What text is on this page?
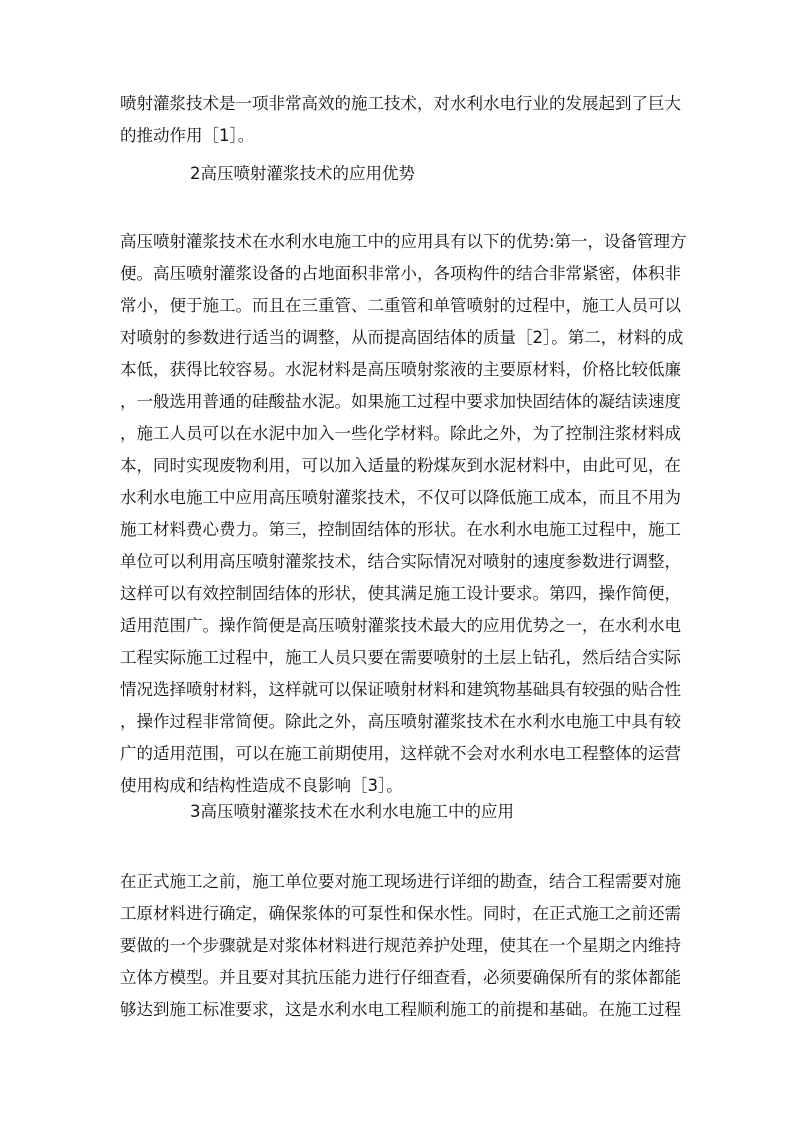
喷射灌浆技术是一项非常高效的施工技术，对水利水电行业的发展起到了巨大
的推动作用［1］。
2高压喷射灌浆技术的应用优势
高压喷射灌浆技术在水利水电施工中的应用具有以下的优势:第一，设备管理方
便。高压喷射灌浆设备的占地面积非常小，各项构件的结合非常紧密，体积非
常小，便于施工。而且在三重管、二重管和单管喷射的过程中，施工人员可以
对喷射的参数进行适当的调整，从而提高固结体的质量［2］。第二，材料的成
本低，获得比较容易。水泥材料是高压喷射浆液的主要原材料，价格比较低廉
，一般选用普通的硅酸盐水泥。如果施工过程中要求加快固结体的凝结读速度
，施工人员可以在水泥中加入一些化学材料。除此之外，为了控制注浆材料成
本，同时实现废物利用，可以加入适量的粉煤灰到水泥材料中，由此可见，在
水利水电施工中应用高压喷射灌浆技术，不仅可以降低施工成本，而且不用为
施工材料费心费力。第三，控制固结体的形状。在水利水电施工过程中，施工
单位可以利用高压喷射灌浆技术，结合实际情况对喷射的速度参数进行调整，
这样可以有效控制固结体的形状，使其满足施工设计要求。第四，操作简便，
适用范围广。操作简便是高压喷射灌浆技术最大的应用优势之一，在水利水电
工程实际施工过程中，施工人员只要在需要喷射的土层上钻孔，然后结合实际
情况选择喷射材料，这样就可以保证喷射材料和建筑物基础具有较强的贴合性
，操作过程非常简便。除此之外，高压喷射灌浆技术在水利水电施工中具有较
广的适用范围，可以在施工前期使用，这样就不会对水利水电工程整体的运营
使用构成和结构性造成不良影响［3］。
3高压喷射灌浆技术在水利水电施工中的应用
在正式施工之前，施工单位要对施工现场进行详细的勘查，结合工程需要对施
工原材料进行确定，确保浆体的可泵性和保水性。同时，在正式施工之前还需
要做的一个步骤就是对浆体材料进行规范养护处理，使其在一个星期之内维持
立体方模型。并且要对其抗压能力进行仔细查看，必须要确保所有的浆体都能
够达到施工标准要求，这是水利水电工程顺利施工的前提和基础。在施工过程
